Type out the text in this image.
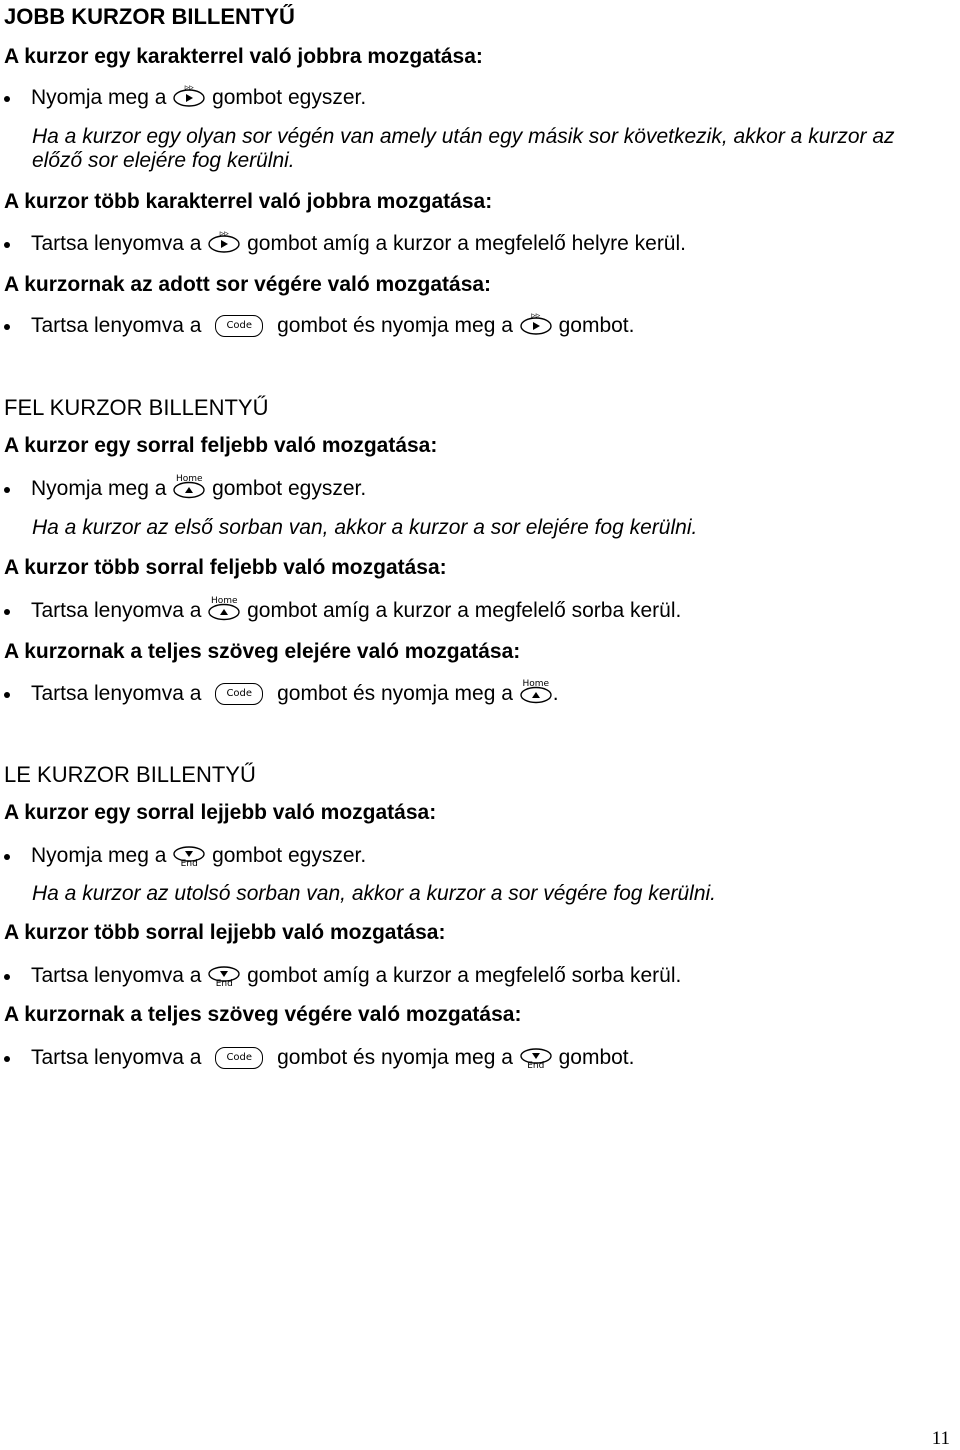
JOBB KURZOR BILLENTYŰ
A kurzor egy karakterrel való jobbra mozgatása:
Nyomja meg a	▹▹ gombot egyszer.
Ha a kurzor egy olyan sor végén van amely után egy másik sor következik, akkor a kurzor az előző sor elejére fog kerülni.
A kurzor több karakterrel való jobbra mozgatása:
Tartsa lenyomva a	▹▹ gombot amíg a kurzor a megfelelő helyre kerül.
A kurzornak az adott sor végére való mozgatása:
Tartsa lenyomva a	Code gombot és nyomja meg a	▹▹ gombot.
FEL KURZOR BILLENTYŰ
A kurzor egy sorral feljebb való mozgatása:
Nyomja meg a	Home gombot egyszer.
Ha a kurzor az első sorban van, akkor a kurzor a sor elejére fog kerülni.
A kurzor több sorral feljebb való mozgatása:
Tartsa lenyomva a	Home gombot amíg a kurzor a megfelelő sorba kerül.
A kurzornak a teljes szöveg elejére való mozgatása:
Tartsa lenyomva a	Code gombot és nyomja meg a	Home .
LE KURZOR BILLENTYŰ
A kurzor egy sorral lejjebb való mozgatása:
Nyomja meg a	End gombot egyszer.
Ha a kurzor az utolsó sorban van, akkor a kurzor a sor végére fog kerülni.
A kurzor több sorral lejjebb való mozgatása:
Tartsa lenyomva a	End gombot amíg a kurzor a megfelelő sorba kerül.
A kurzornak a teljes szöveg végére való mozgatása:
Tartsa lenyomva a	Code gombot és nyomja meg a	End gombot.
11
